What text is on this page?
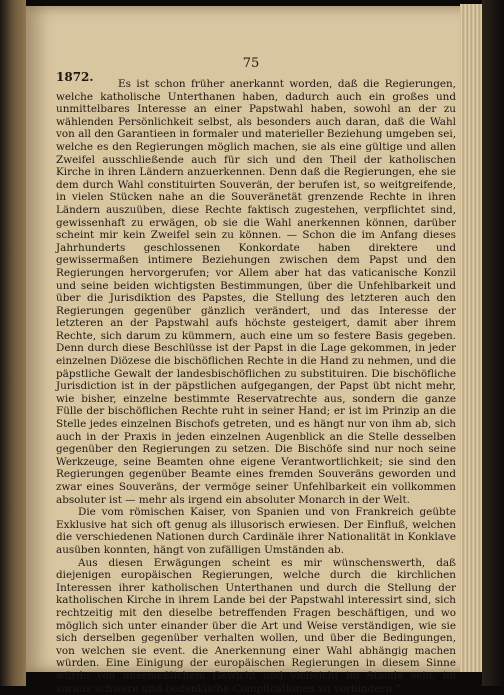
75
1872.	Es ist schon früher anerkannt worden, daß die Regierungen, welche katholische Unterthanen haben, dadurch auch ein großes und unmittelbares Interesse an einer Papstwahl haben, sowohl an der zu wählenden Persönlichkeit selbst, als besonders auch daran, daß die Wahl von all den Garantieen in formaler und materieller Beziehung umgeben sei, welche es den Regierungen möglich machen, sie als eine gültige und allen Zweifel ausschließende auch für sich und den Theil der katholischen Kirche in ihren Ländern anzuerkennen. Denn daß die Regierungen, ehe sie dem durch Wahl constituirten Souverän, der berufen ist, so weitgreifende, in vielen Stücken nahe an die Souveränetät grenzende Rechte in ihren Ländern auszuüben, diese Rechte faktisch zugestehen, verpflichtet sind, gewissenhaft zu erwägen, ob sie die Wahl anerkennen können, darüber scheint mir kein Zweifel sein zu können. — Schon die im Anfang dieses Jahrhunderts geschlossenen Konkordate haben direktere und gewissermaßen intimere Beziehungen zwischen dem Papst und den Regierungen hervorgerufen; vor Allem aber hat das vaticanische Konzil und seine beiden wichtigsten Bestimmungen, über die Unfehlbarkeit und über die Jurisdiktion des Papstes, die Stellung des letzteren auch den Regierungen gegenüber gänzlich verändert, und das Interesse der letzteren an der Papstwahl aufs höchste gesteigert, damit aber ihrem Rechte, sich darum zu kümmern, auch eine um so festere Basis gegeben. Denn durch diese Beschlüsse ist der Papst in die Lage gekommen, in jeder einzelnen Diözese die bischöflichen Rechte in die Hand zu nehmen, und die päpstliche Gewalt der landesbischöflichen zu substituiren. Die bischöfliche Jurisdiction ist in der päpstlichen aufgegangen, der Papst übt nicht mehr, wie bisher, einzelne bestimmte Reservatrechte aus, sondern die ganze Fülle der bischöflichen Rechte ruht in seiner Hand; er ist im Prinzip an die Stelle jedes einzelnen Bischofs getreten, und es hängt nur von ihm ab, sich auch in der Praxis in jeden einzelnen Augenblick an die Stelle desselben gegenüber den Regierungen zu setzen. Die Bischöfe sind nur noch seine Werkzeuge, seine Beamten ohne eigene Verantwortlichkeit; sie sind den Regierungen gegenüber Beamte eines fremden Souveräns geworden und zwar eines Souveräns, der vermöge seiner Unfehlbarkeit ein vollkommen absoluter ist — mehr als irgend ein absoluter Monarch in der Welt.

Die vom römischen Kaiser, von Spanien und von Frankreich geübte Exklusive hat sich oft genug als illusorisch erwiesen. Der Einfluß, welchen die verschiedenen Nationen durch Cardinäle ihrer Nationalität in Konklave ausüben konnten, hängt von zufälligen Umständen ab.

Aus diesen Erwägungen scheint es mir wünschenswerth, daß diejenigen europäischen Regierungen, welche durch die kirchlichen Interessen ihrer katholischen Unterthanen und durch die Stellung der katholischen Kirche in ihrem Lande bei der Papstwahl interessirt sind, sich rechtzeitig mit den dieselbe betreffenden Fragen beschäftigen, und wo möglich sich unter einander über die Art und Weise verständigen, wie sie sich derselben gegenüber verhalten wollen, und über die Bedingungen, von welchen sie event. die Anerkennung einer Wahl abhängig machen würden. Eine Einigung der europäischen Regierungen in diesem Sinne würde von unermeßlichem Gewicht und vielleicht im Stande sein, im voraus schwere und bedenkliche Complicationen zu verhindern.“
